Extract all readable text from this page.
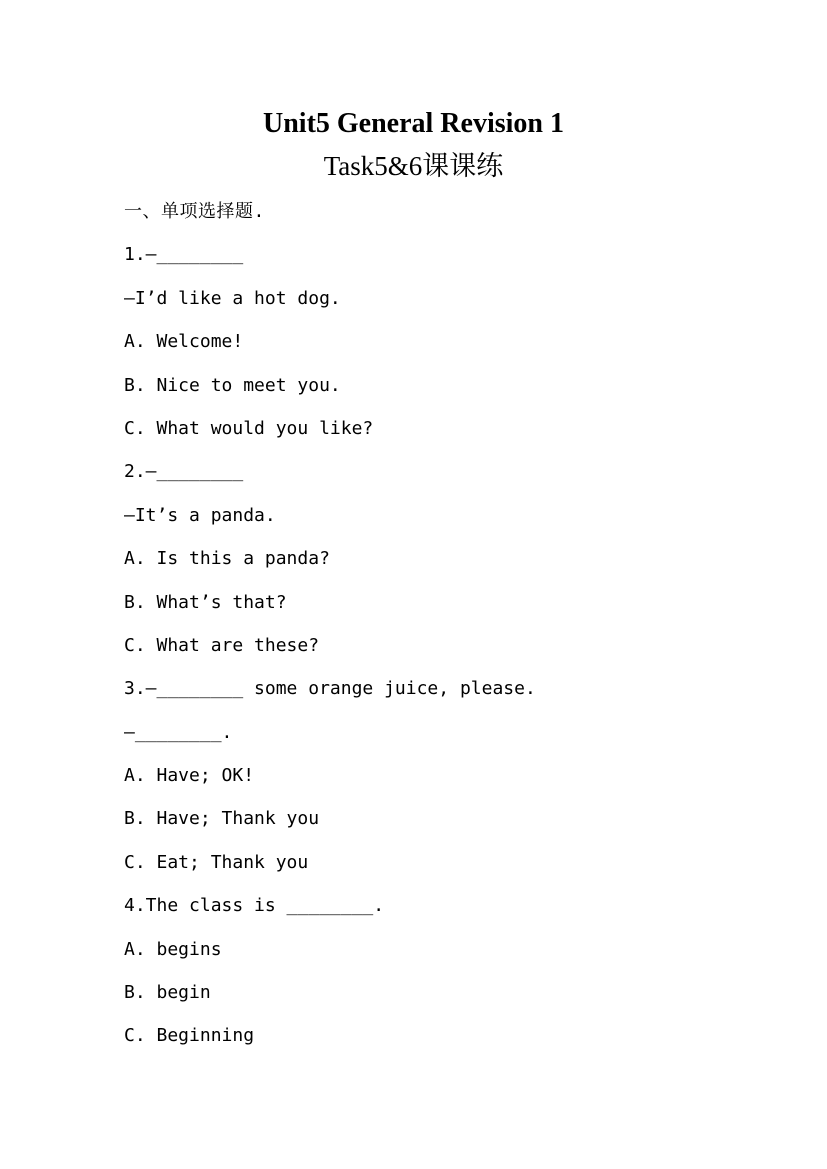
Unit5 General Revision 1
Task5&6课课练
一、单项选择题.
1.—________
—I’d like a hot dog.
A. Welcome!
B. Nice to meet you.
C. What would you like?
2.—________
—It’s a panda.
A. Is this a panda?
B. What’s that?
C. What are these?
3.—________ some orange juice, please.
—________.
A. Have; OK!
B. Have; Thank you
C. Eat; Thank you
4.The class is ________.
A. begins
B. begin
C. Beginning
